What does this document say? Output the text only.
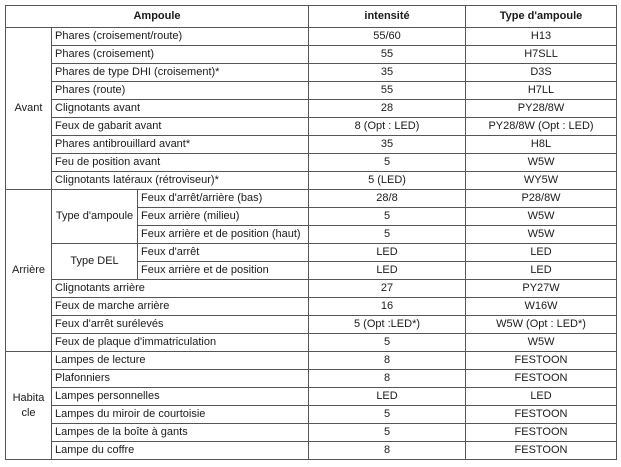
Ampoule			intensité	Type d'ampoule
Avant	Phares (croisement/route)		55/60	H13
	Phares (croisement)		55	H7SLL
	Phares de type DHI (croisement)*		35	D3S
	Phares (route)		55	H7LL
	Clignotants avant		28	PY28/8W
	Feux de gabarit avant		8 (Opt : LED)	PY28/8W (Opt : LED)
	Phares antibrouillard avant*		35	H8L
	Feu de position avant		5	W5W
	Clignotants latéraux (rétroviseur)*		5 (LED)	WY5W
Arrière	Type d'ampoule	Feux d'arrêt/arrière (bas)	28/8	P28/8W
		Feux arrière (milieu)	5	W5W
		Feux arrière et de position (haut)	5	W5W
	Type DEL	Feux d'arrêt	LED	LED
		Feux arrière et de position	LED	LED
	Clignotants arrière		27	PY27W
	Feux de marche arrière		16	W16W
	Feux d'arrêt surélevés		5 (Opt :LED*)	W5W (Opt : LED*)
	Feux de plaque d'immatriculation		5	W5W
Habita cle	Lampes de lecture		8	FESTOON
	Plafonniers		8	FESTOON
	Lampes personnelles		LED	LED
	Lampes du miroir de courtoisie		5	FESTOON
	Lampes de la boîte à gants		5	FESTOON
	Lampe du coffre		8	FESTOON
